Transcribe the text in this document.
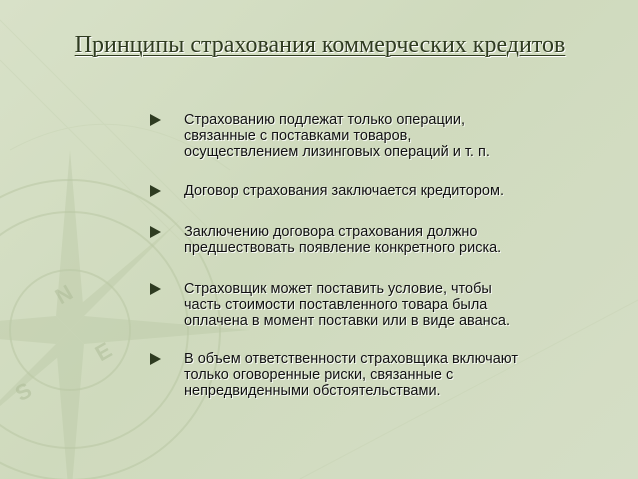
N
E
S
Принципы страхования коммерческих кредитов
Страхованию подлежат только операции,
связанные с поставками товаров,
осуществлением лизинговых операций и т. п.
Договор страхования заключается кредитором.
Заключению договора страхования должно
предшествовать появление конкретного риска.
Страховщик может поставить условие, чтобы
часть стоимости поставленного товара была
оплачена в момент поставки или в виде аванса.
В объем ответственности страховщика включают
только оговоренные риски, связанные с
непредвиденными обстоятельствами.
